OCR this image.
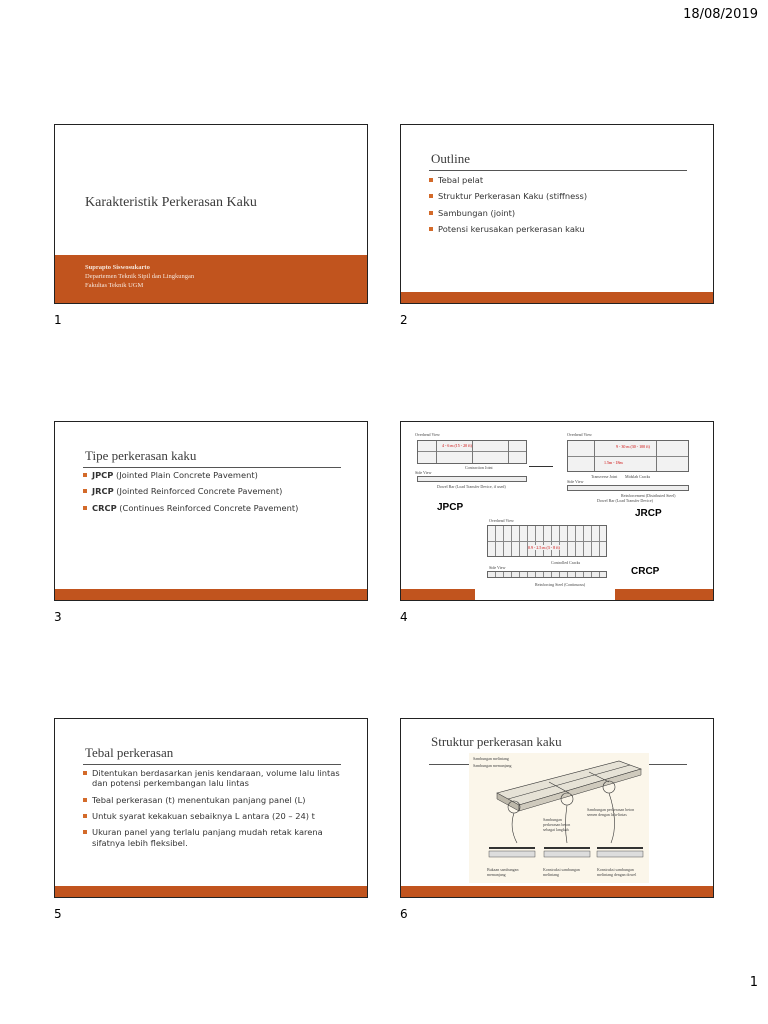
18/08/2019
Karakteristik Perkerasan Kaku
Suprapto Siswosukarto
Departemen Teknik Sipil dan Lingkungan
Fakultas Teknik UGM
1
Outline
Tebal pelat
Struktur Perkerasan Kaku (stiffness)
Sambungan (joint)
Potensi kerusakan perkerasan kaku
2
Tipe perkerasan kaku
JPCP (Jointed Plain Concrete Pavement)
JRCP (Jointed Reinforced Concrete Pavement)
CRCP (Continues Reinforced Concrete Pavement)
3
Overhead View
4 - 6 m (15 - 20 ft)
Contraction Joint
Side View
Dowel Bar (Load Transfer Device, if used)
JPCP
Overhead View
9 - 30 m (30 - 100 ft)
1.5m - 18m
Transverse Joint Midslab Cracks
Side View
Reinforcement (Distributed Steel)
Dowel Bar (Load Transfer Device)
JRCP
Overhead View
0.9 - 2.5 m (3 - 8 ft)
Controlled Cracks
Side View
Reinforcing Steel (Continuous)
CRCP
4
Tebal perkerasan
Ditentukan berdasarkan jenis kendaraan, volume lalu lintas dan potensi perkembangan lalu lintas
Tebal perkerasan (t) menentukan panjang panel (L)
Untuk syarat kekakuan sebaiknya L antara (20 – 24) t
Ukuran panel yang terlalu panjang mudah retak karena sifatnya lebih fleksibel.
5
Struktur perkerasan kaku
Sambungan melintang
Sambungan memanjang
Sambungan perkerasan beton semen dengan lalu-lintas
Sambungan perkerasan beton sebagai langkah
Bukaan sambungan memanjang
Konstruksi sambungan melintang
Konstruksi sambungan melintang dengan dowel
6
1
